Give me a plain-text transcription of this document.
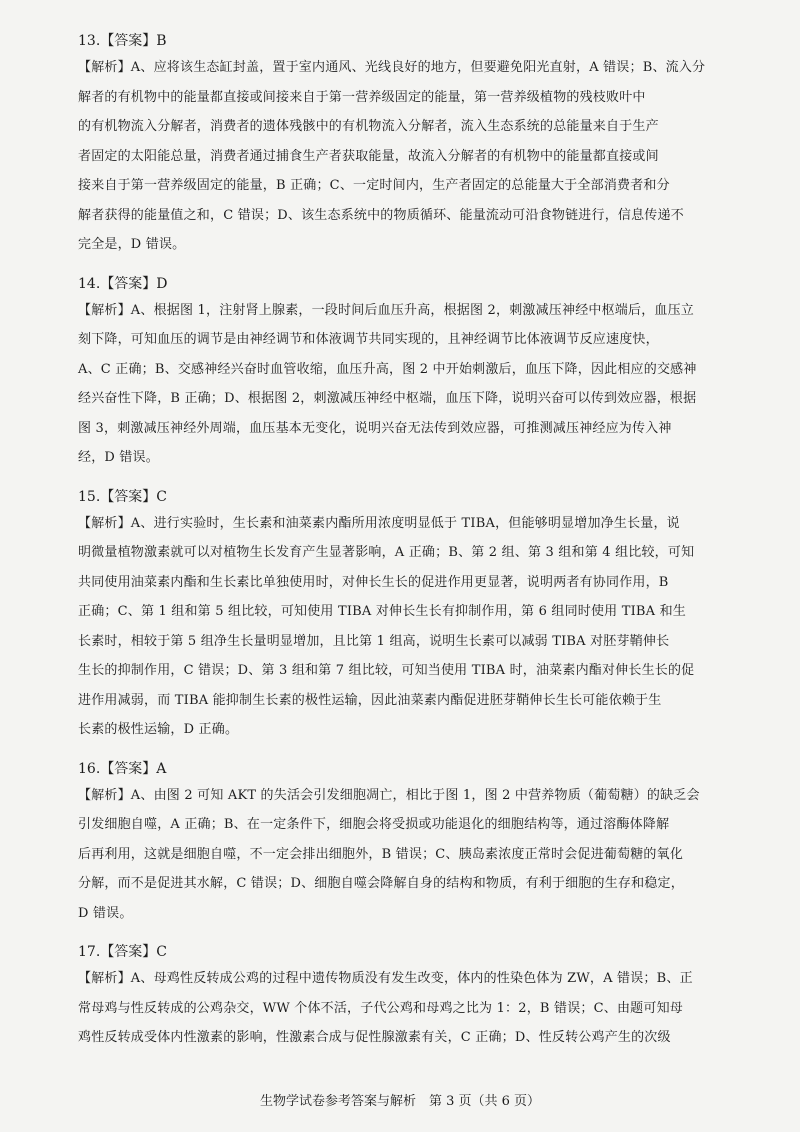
13.【答案】B
【解析】A、应将该生态缸封盖，置于室内通风、光线良好的地方，但要避免阳光直射，A 错误；B、流入分
解者的有机物中的能量都直接或间接来自于第一营养级固定的能量，第一营养级植物的残枝败叶中
的有机物流入分解者，消费者的遗体残骸中的有机物流入分解者，流入生态系统的总能量来自于生产
者固定的太阳能总量，消费者通过捕食生产者获取能量，故流入分解者的有机物中的能量都直接或间
接来自于第一营养级固定的能量，B 正确；C、一定时间内，生产者固定的总能量大于全部消费者和分
解者获得的能量值之和，C 错误；D、该生态系统中的物质循环、能量流动可沿食物链进行，信息传递不
完全是，D 错误。
14.【答案】D
【解析】A、根据图 1，注射肾上腺素，一段时间后血压升高，根据图 2，刺激减压神经中枢端后，血压立
刻下降，可知血压的调节是由神经调节和体液调节共同实现的，且神经调节比体液调节反应速度快，
A、C 正确；B、交感神经兴奋时血管收缩，血压升高，图 2 中开始刺激后，血压下降，因此相应的交感神
经兴奋性下降，B 正确；D、根据图 2，刺激减压神经中枢端，血压下降，说明兴奋可以传到效应器，根据
图 3，刺激减压神经外周端，血压基本无变化，说明兴奋无法传到效应器，可推测减压神经应为传入神
经，D 错误。
15.【答案】C
【解析】A、进行实验时，生长素和油菜素内酯所用浓度明显低于 TIBA，但能够明显增加净生长量，说
明微量植物激素就可以对植物生长发育产生显著影响，A 正确；B、第 2 组、第 3 组和第 4 组比较，可知
共同使用油菜素内酯和生长素比单独使用时，对伸长生长的促进作用更显著，说明两者有协同作用，B
正确；C、第 1 组和第 5 组比较，可知使用 TIBA 对伸长生长有抑制作用，第 6 组同时使用 TIBA 和生
长素时，相较于第 5 组净生长量明显增加，且比第 1 组高，说明生长素可以减弱 TIBA 对胚芽鞘伸长
生长的抑制作用，C 错误；D、第 3 组和第 7 组比较，可知当使用 TIBA 时，油菜素内酯对伸长生长的促
进作用减弱，而 TIBA 能抑制生长素的极性运输，因此油菜素内酯促进胚芽鞘伸长生长可能依赖于生
长素的极性运输，D 正确。
16.【答案】A
【解析】A、由图 2 可知 AKT 的失活会引发细胞凋亡，相比于图 1，图 2 中营养物质（葡萄糖）的缺乏会
引发细胞自噬，A 正确；B、在一定条件下，细胞会将受损或功能退化的细胞结构等，通过溶酶体降解
后再利用，这就是细胞自噬，不一定会排出细胞外，B 错误；C、胰岛素浓度正常时会促进葡萄糖的氧化
分解，而不是促进其水解，C 错误；D、细胞自噬会降解自身的结构和物质，有利于细胞的生存和稳定，
D 错误。
17.【答案】C
【解析】A、母鸡性反转成公鸡的过程中遗传物质没有发生改变，体内的性染色体为 ZW，A 错误；B、正
常母鸡与性反转成的公鸡杂交，WW 个体不活，子代公鸡和母鸡之比为 1：2，B 错误；C、由题可知母
鸡性反转成受体内性激素的影响，性激素合成与促性腺激素有关，C 正确；D、性反转公鸡产生的次级
生物学试卷参考答案与解析　第 3 页（共 6 页）
